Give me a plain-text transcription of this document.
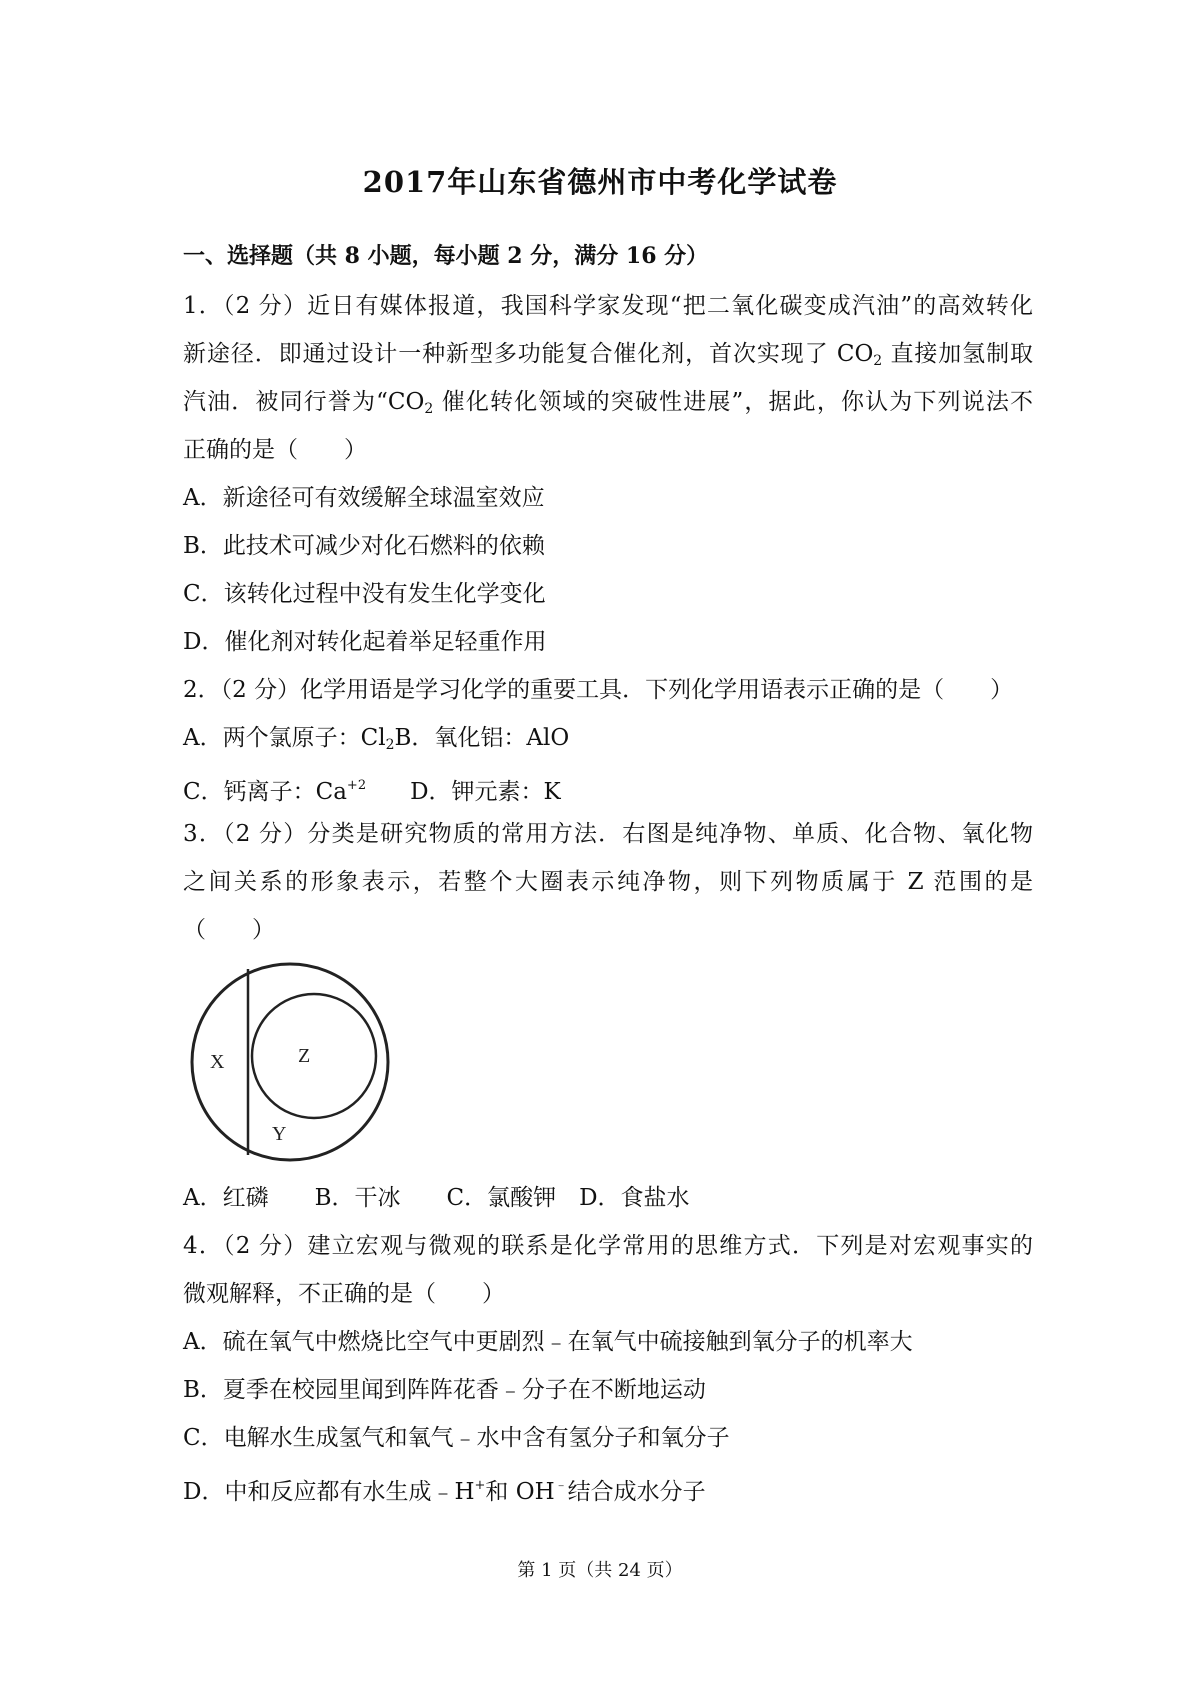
2017年山东省德州市中考化学试卷
一、选择题（共 8 小题，每小题 2 分，满分 16 分）
1．（2 分）近日有媒体报道，我国科学家发现“把二氧化碳变成汽油”的高效转化
新途径．即通过设计一种新型多功能复合催化剂，首次实现了 $CO_2$ 直接加氢制取
汽油．被同行誉为“$CO_2$ 催化转化领域的突破性进展”，据此，你认为下列说法不
正确的是（　　）
A．新途径可有效缓解全球温室效应
B．此技术可减少对化石燃料的依赖
C．该转化过程中没有发生化学变化
D．催化剂对转化起着举足轻重作用
2．（2 分）化学用语是学习化学的重要工具．下列化学用语表示正确的是（　　）
A．两个氯原子：$Cl_2B$．氧化铝：AlO
C．钙离子：$Ca^{+2}$ D．钾元素：K
3．（2 分）分类是研究物质的常用方法．右图是纯净物、单质、化合物、氧化物
之间关系的形象表示，若整个大圈表示纯净物，则下列物质属于 Z 范围的是
（　　）
X	Z
Y
A．红磷　　B．干冰　　C．氯酸钾　D．食盐水
4．（2 分）建立宏观与微观的联系是化学常用的思维方式．下列是对宏观事实的
微观解释，不正确的是（　　）
A．硫在氧气中燃烧比空气中更剧烈﹣在氧气中硫接触到氧分子的机率大
B．夏季在校园里闻到阵阵花香﹣分子在不断地运动
C．电解水生成氢气和氧气﹣水中含有氢分子和氧分子
D．中和反应都有水生成﹣H+和 OH﹣结合成水分子
第 1 页（共 24 页）
